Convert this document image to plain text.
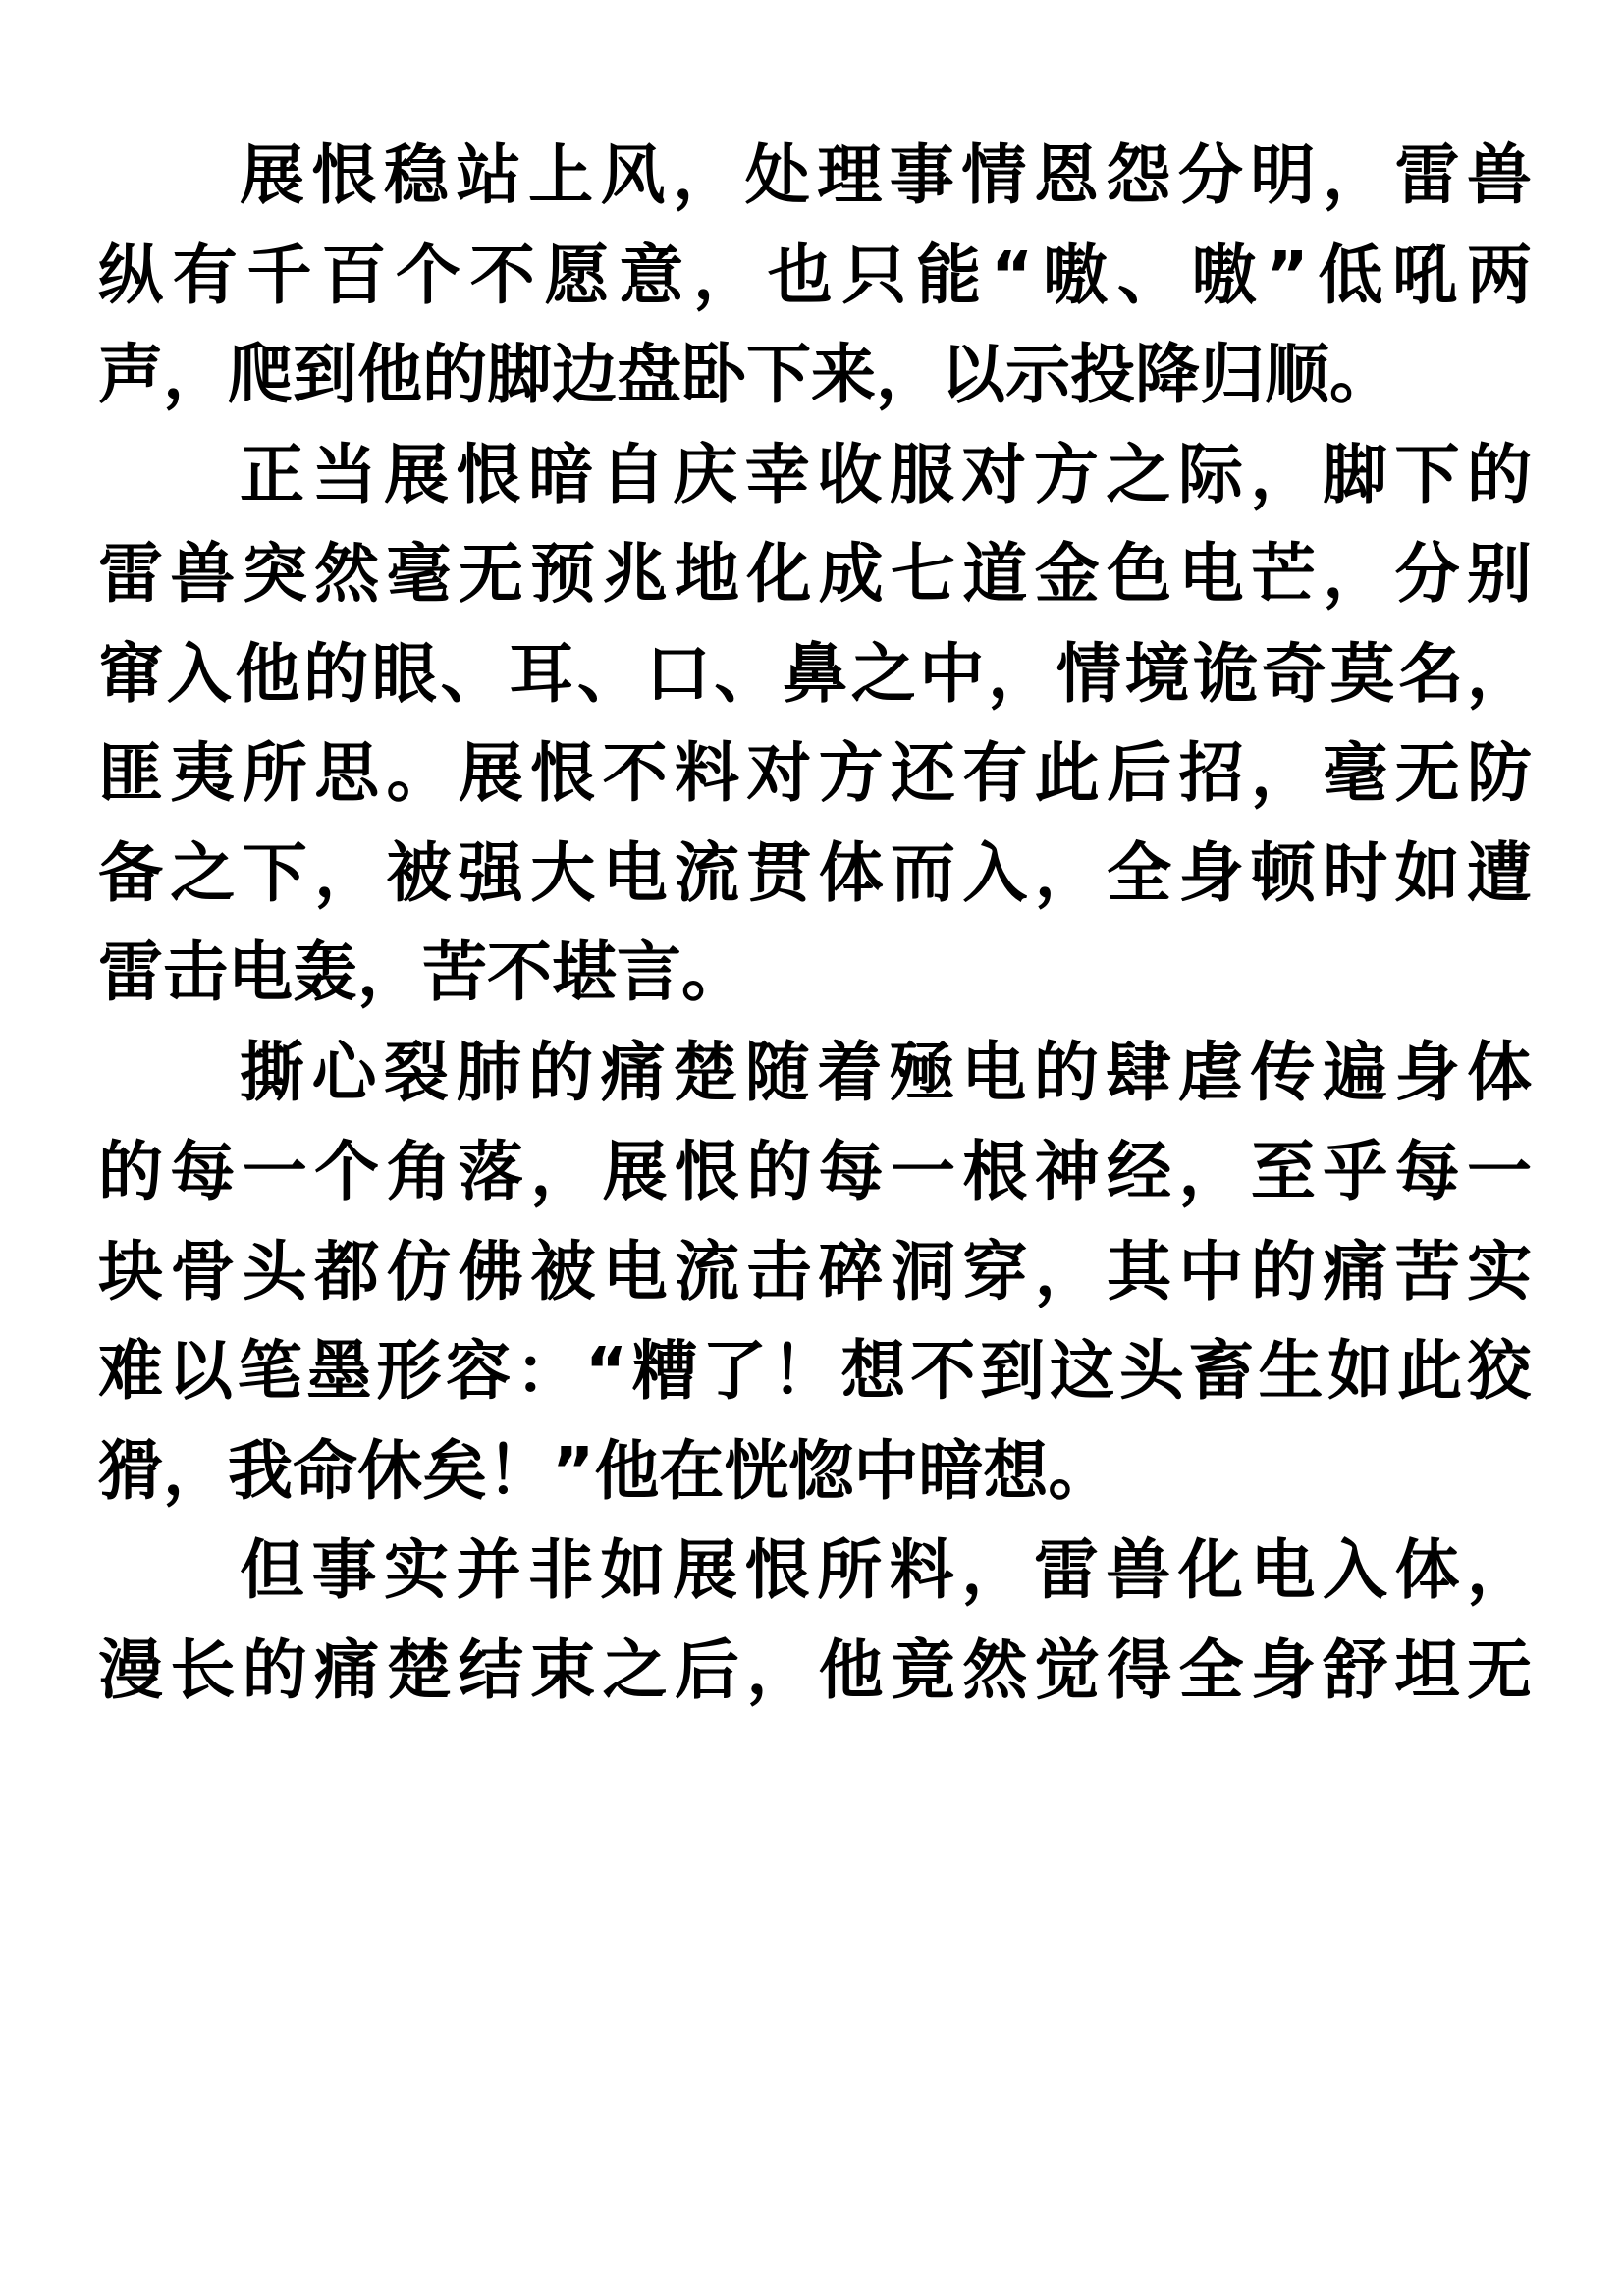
展恨稳站上风，处理事情恩怨分明，雷兽
纵有千百个不愿意，也只能“嗷、嗷”低吼两
声，爬到他的脚边盘卧下来，以示投降归顺。
正当展恨暗自庆幸收服对方之际，脚下的
雷兽突然毫无预兆地化成七道金色电芒，分别
窜入他的眼、耳、口、鼻之中，情境诡奇莫名，
匪夷所思。展恨不料对方还有此后招，毫无防
备之下，被强大电流贯体而入，全身顿时如遭
雷击电轰，苦不堪言。
撕心裂肺的痛楚随着殛电的肆虐传遍身体
的每一个角落，展恨的每一根神经，至乎每一
块骨头都仿佛被电流击碎洞穿，其中的痛苦实
难以笔墨形容：“糟了！想不到这头畜生如此狡
猾，我命休矣！”他在恍惚中暗想。
但事实并非如展恨所料，雷兽化电入体，
漫长的痛楚结束之后，他竟然觉得全身舒坦无
